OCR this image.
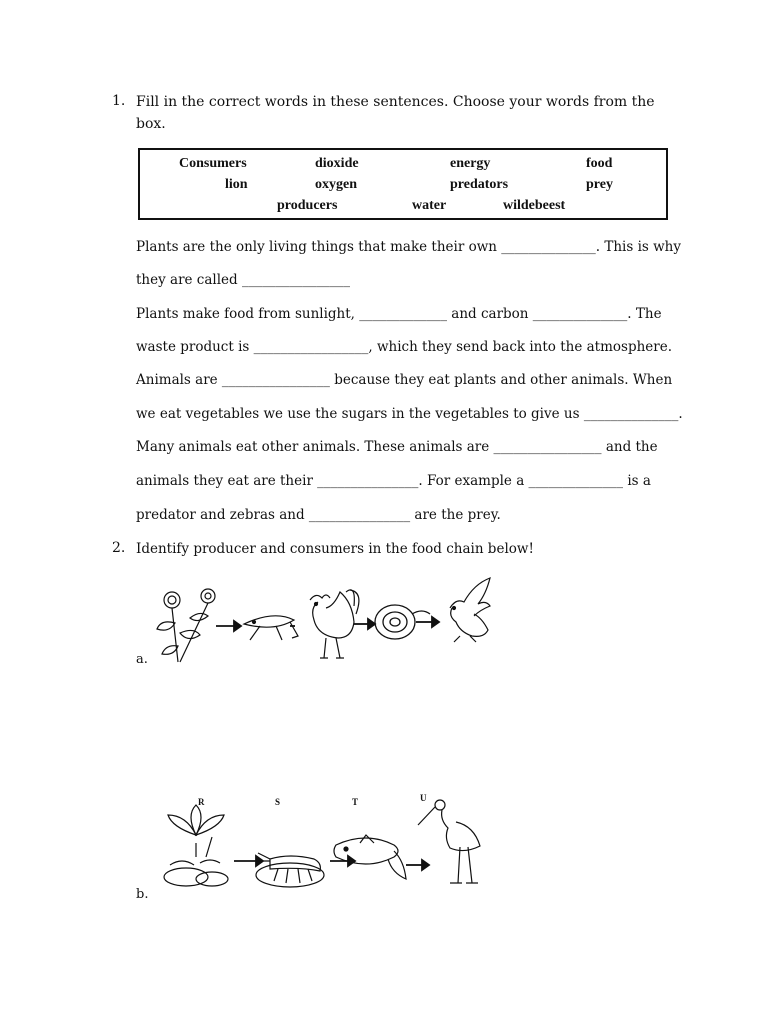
1. Fill in the correct words in these sentences. Choose your words from the box.
Consumers	dioxide	energy	food
lion	oxygen	predators	prey
producers	water	wildebeest
Plants are the only living things that make their own ______________. This is why
they are called ________________
Plants make food from sunlight, _____________ and carbon ______________. The
waste product is _________________, which they send back into the atmosphere.
Animals are ________________ because they eat plants and other animals. When
we eat vegetables we use the sugars in the vegetables to give us ______________.
Many animals eat other animals. These animals are ________________ and the
animals they eat are their _______________. For example a ______________ is a
predator and zebras and _______________ are the prey.
2. Identify producer and consumers in the food chain below!
a.
R	S	T	U
b.
